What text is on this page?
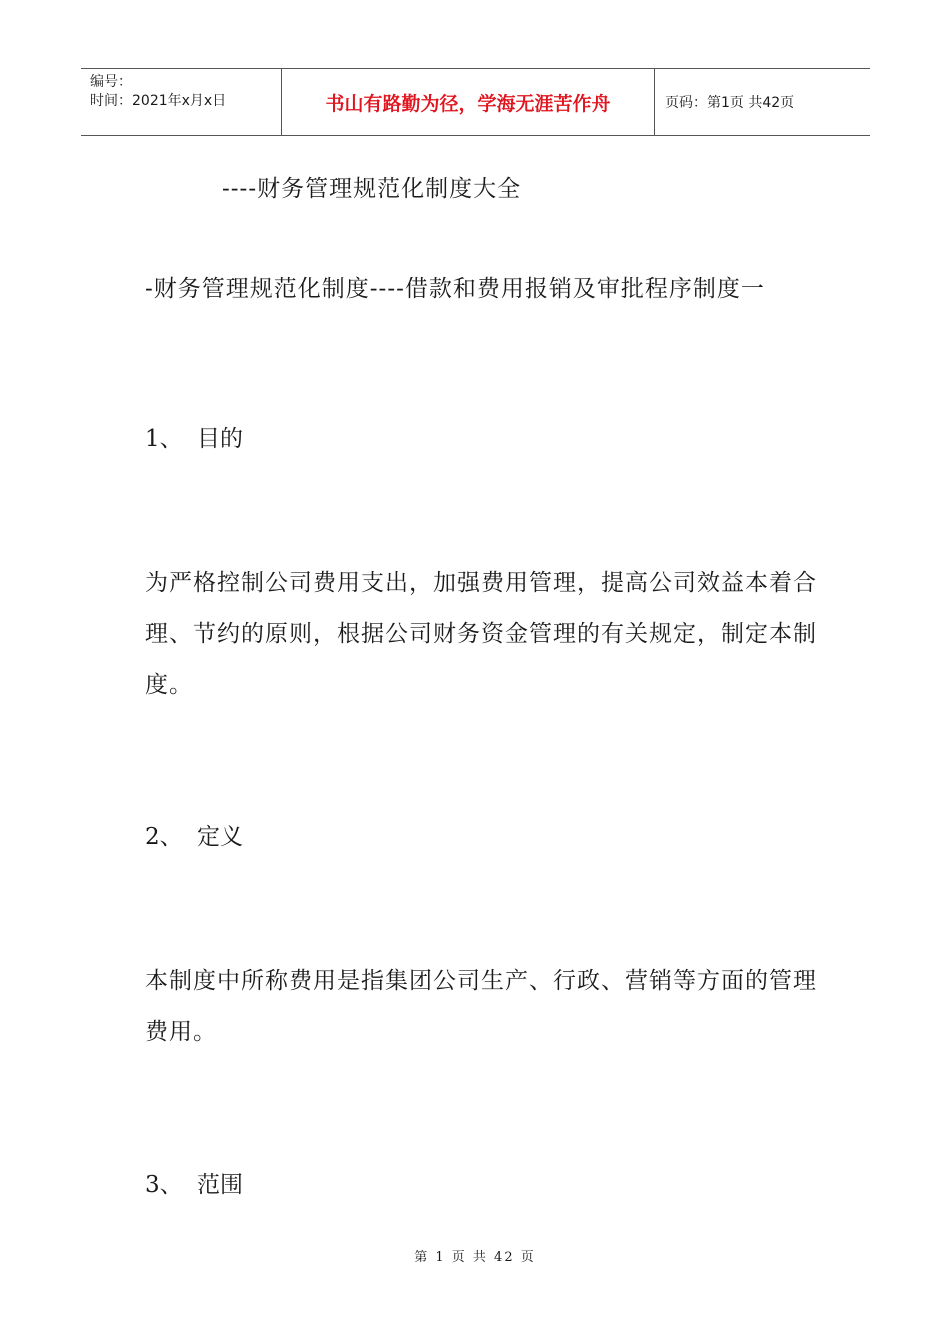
编号：
时间：2021年x月x日	书山有路勤为径，学海无涯苦作舟	页码：第1页 共42页
----财务管理规范化制度大全
-财务管理规范化制度----借款和费用报销及审批程序制度一
1、 目的
为严格控制公司费用支出，加强费用管理，提高公司效益本着合理、节约的原则，根据公司财务资金管理的有关规定，制定本制度。
2、 定义
本制度中所称费用是指集团公司生产、行政、营销等方面的管理费用。
3、 范围
第 1 页 共 42 页
